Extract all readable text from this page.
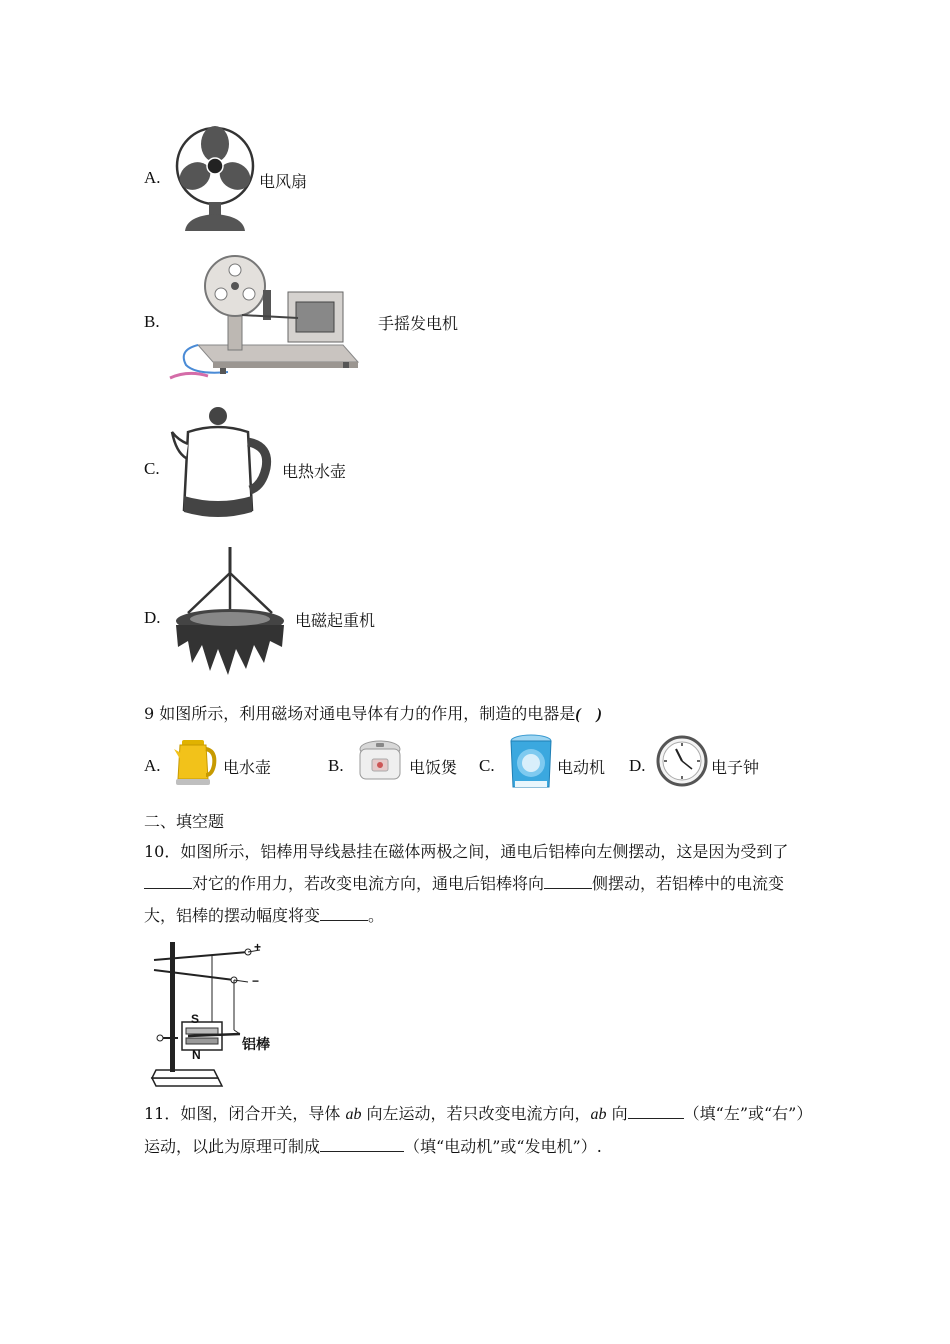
A.	电风扇
B.	手摇发电机
C.	电热水壶
D.	电磁起重机
9 如图所示，利用磁场对通电导体有力的作用，制造的电器是(　)
A.	电水壶	B.	电饭煲 C.	电动机 D.	电子钟
二、填空题
10．如图所示，铝棒用导线悬挂在磁体两极之间，通电后铝棒向左侧摆动，这是因为受到了
对它的作用力，若改变电流方向，通电后铝棒将向	侧摆动，若铝棒中的电流变
大，铝棒的摆动幅度将变	。
+
−
S
N
铝棒
11．如图，闭合开关，导体 ab 向左运动，若只改变电流方向，ab 向	（填“左”或“右”）
运动，以此为原理可制成	（填“电动机”或“发电机”）.
